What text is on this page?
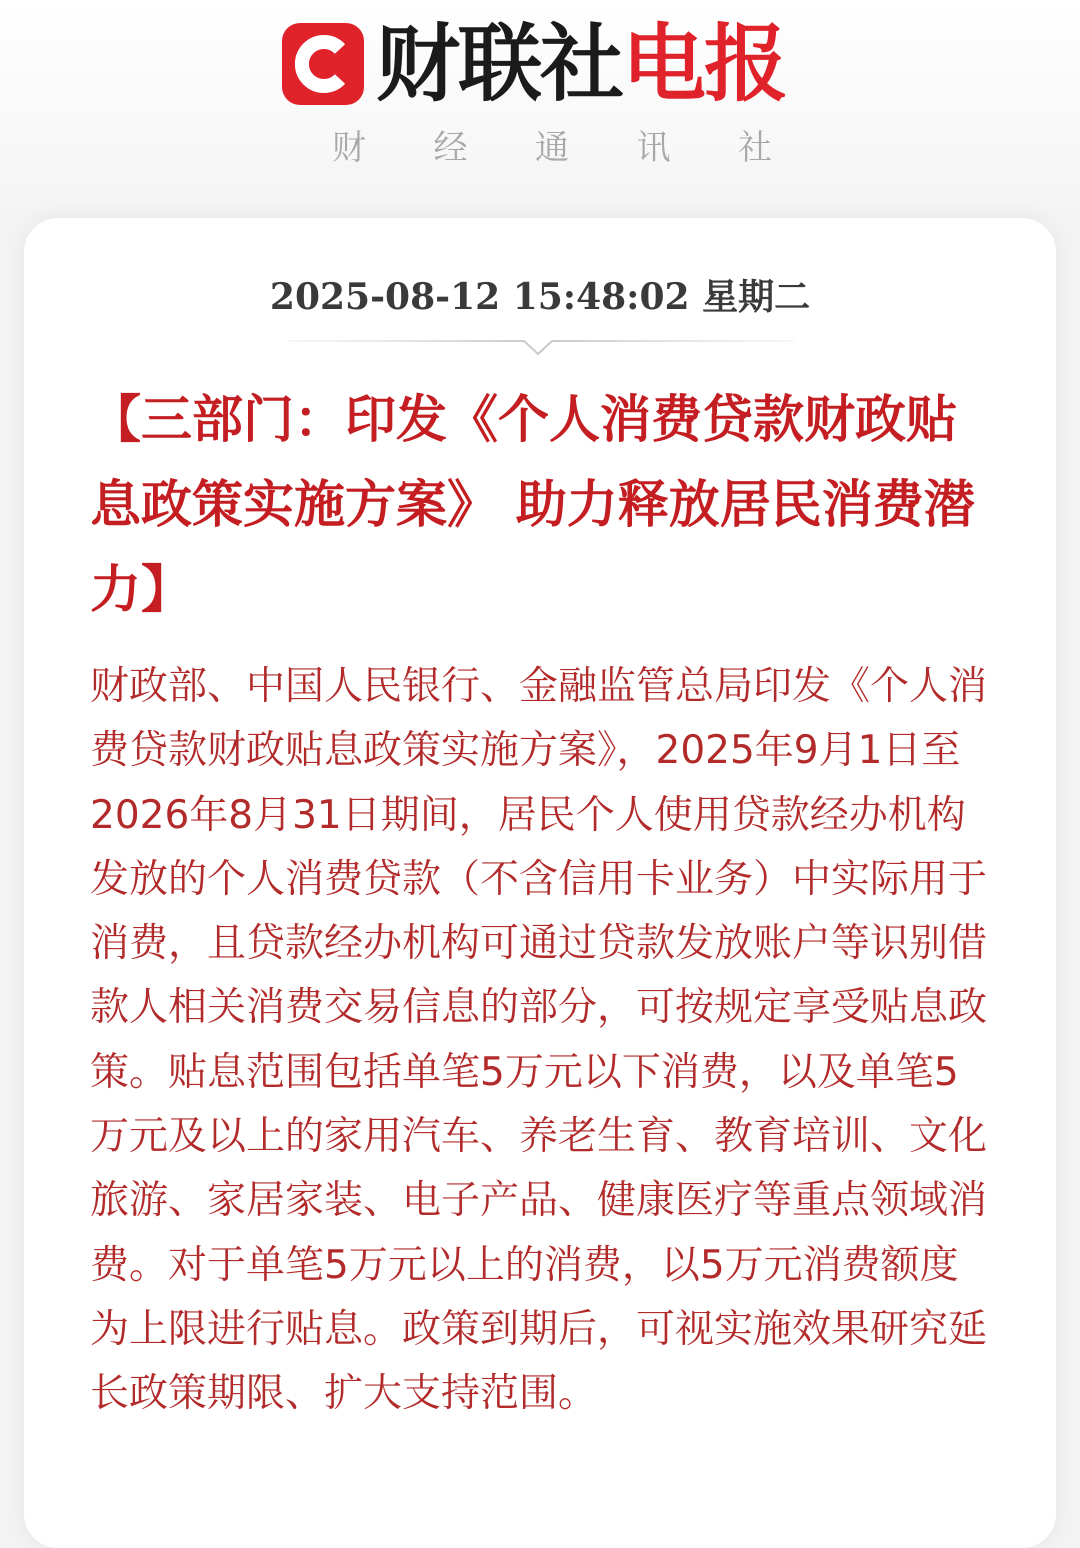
财联社 电报
财 经 通 讯 社
2025-08-12 15:48:02 星期二
【三部门：印发《个人消费贷款财政贴息政策实施方案》 助力释放居民消费潜力】

财政部、中国人民银行、金融监管总局印发《个人消费贷款财政贴息政策实施方案》，2025年9月1日至2026年8月31日期间，居民个人使用贷款经办机构发放的个人消费贷款（不含信用卡业务）中实际用于消费，且贷款经办机构可通过贷款发放账户等识别借款人相关消费交易信息的部分，可按规定享受贴息政策。贴息范围包括单笔5万元以下消费，以及单笔5万元及以上的家用汽车、养老生育、教育培训、文化旅游、家居家装、电子产品、健康医疗等重点领域消费。对于单笔5万元以上的消费，以5万元消费额度为上限进行贴息。政策到期后，可视实施效果研究延长政策期限、扩大支持范围。
